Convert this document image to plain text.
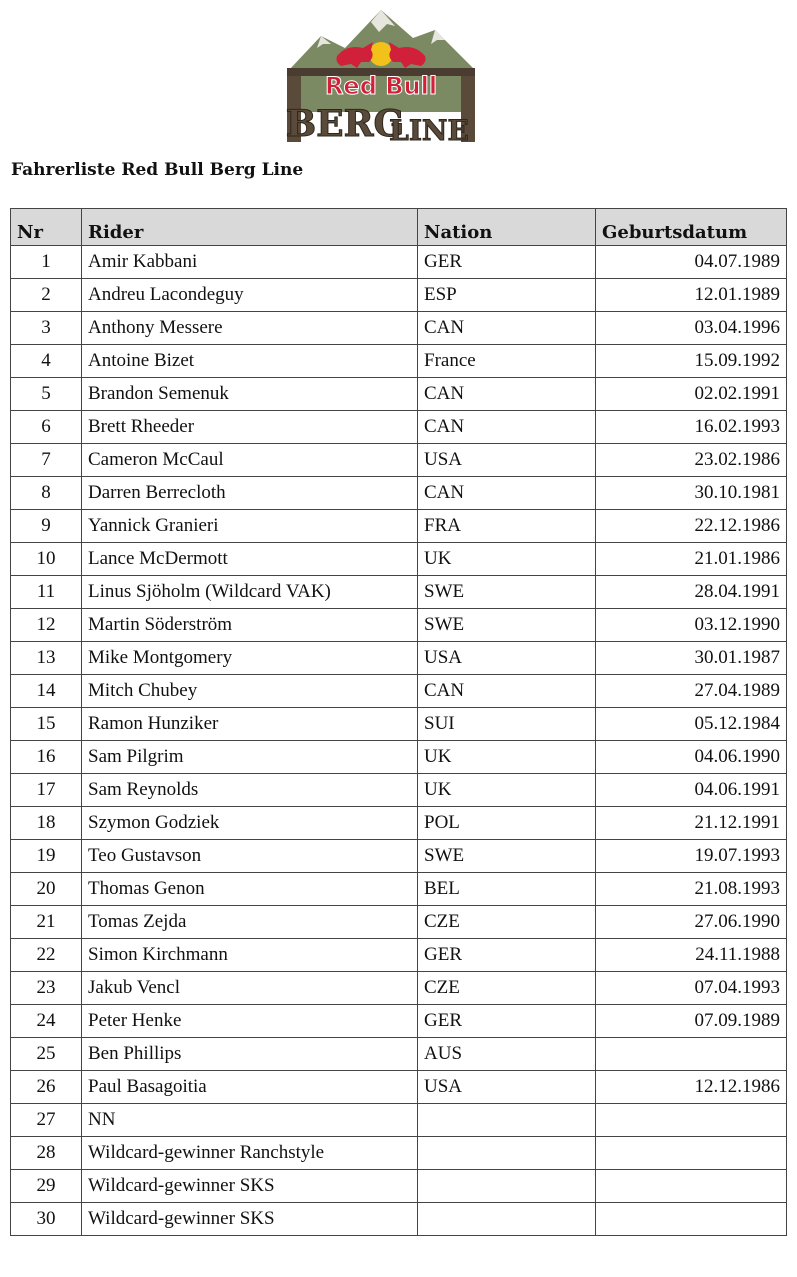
Red Bull
BERG
LINE
Fahrerliste Red Bull Berg Line
Nr	Rider	Nation	Geburtsdatum
1	Amir Kabbani	GER	04.07.1989
2	Andreu Lacondeguy	ESP	12.01.1989
3	Anthony Messere	CAN	03.04.1996
4	Antoine Bizet	France	15.09.1992
5	Brandon Semenuk	CAN	02.02.1991
6	Brett Rheeder	CAN	16.02.1993
7	Cameron McCaul	USA	23.02.1986
8	Darren Berrecloth	CAN	30.10.1981
9	Yannick Granieri	FRA	22.12.1986
10	Lance McDermott	UK	21.01.1986
11	Linus Sjöholm (Wildcard VAK)	SWE	28.04.1991
12	Martin Söderström	SWE	03.12.1990
13	Mike Montgomery	USA	30.01.1987
14	Mitch Chubey	CAN	27.04.1989
15	Ramon Hunziker	SUI	05.12.1984
16	Sam Pilgrim	UK	04.06.1990
17	Sam Reynolds	UK	04.06.1991
18	Szymon Godziek	POL	21.12.1991
19	Teo Gustavson	SWE	19.07.1993
20	Thomas Genon	BEL	21.08.1993
21	Tomas Zejda	CZE	27.06.1990
22	Simon Kirchmann	GER	24.11.1988
23	Jakub Vencl	CZE	07.04.1993
24	Peter Henke	GER	07.09.1989
25	Ben Phillips	AUS	
26	Paul Basagoitia	USA	12.12.1986
27	NN		
28	Wildcard-gewinner Ranchstyle		
29	Wildcard-gewinner SKS		
30	Wildcard-gewinner SKS		
